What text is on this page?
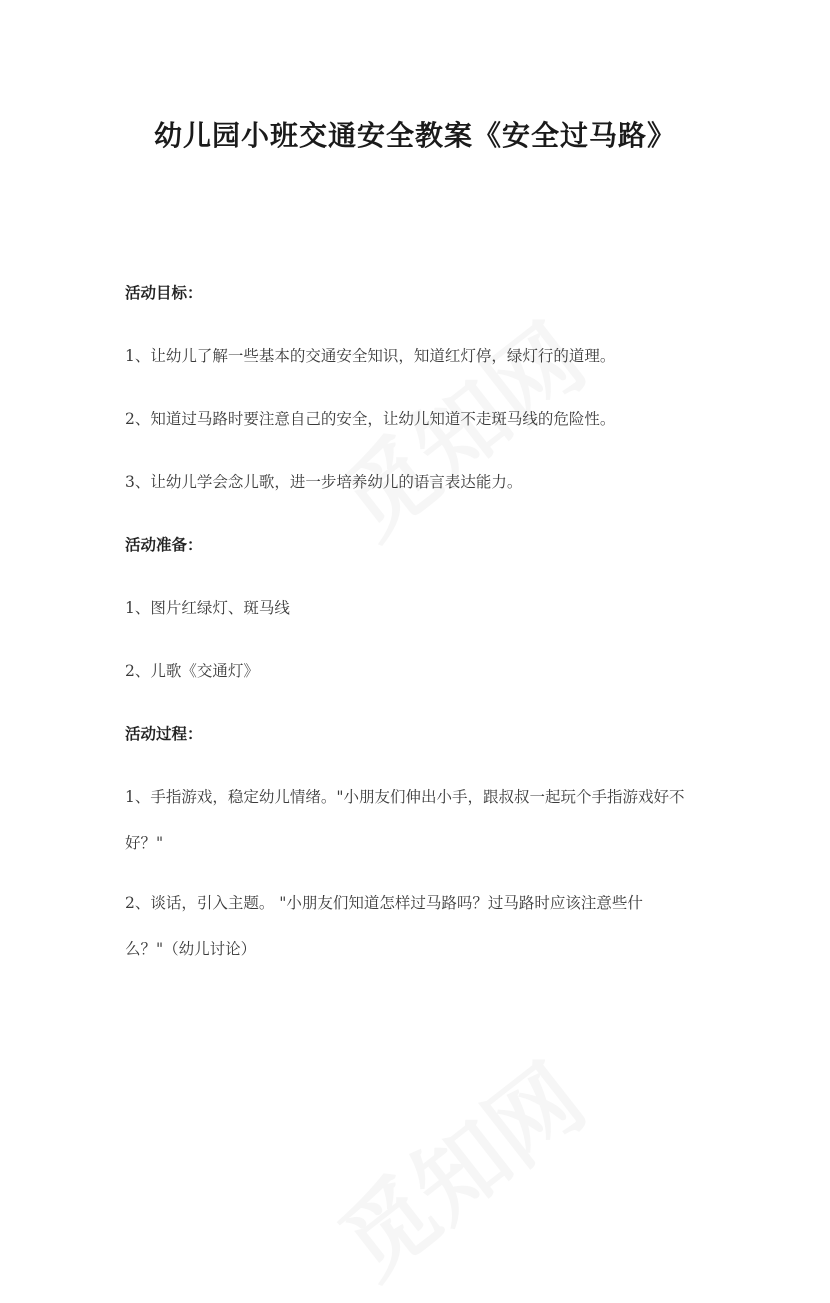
幼儿园小班交通安全教案《安全过马路》
活动目标：
1、让幼儿了解一些基本的交通安全知识，知道红灯停，绿灯行的道理。
2、知道过马路时要注意自己的安全，让幼儿知道不走斑马线的危险性。
3、让幼儿学会念儿歌，进一步培养幼儿的语言表达能力。
活动准备：
1、图片红绿灯、斑马线
2、儿歌《交通灯》
活动过程：
1、手指游戏，稳定幼儿情绪。"小朋友们伸出小手，跟叔叔一起玩个手指游戏好不好？"
2、谈话，引入主题。 "小朋友们知道怎样过马路吗？过马路时应该注意些什么？"（幼儿讨论）
